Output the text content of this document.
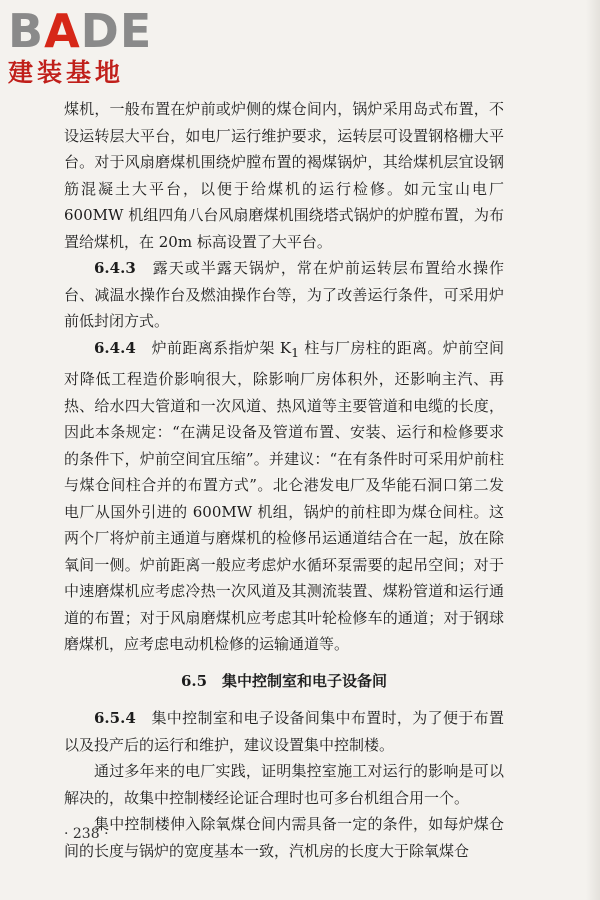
BADE
建装基地

煤机，一般布置在炉前或炉侧的煤仓间内，锅炉采用岛式布置，不设运转层大平台，如电厂运行维护要求，运转层可设置钢格栅大平台。对于风扇磨煤机围绕炉膛布置的褐煤锅炉，其给煤机层宜设钢筋混凝土大平台，以便于给煤机的运行检修。如元宝山电厂600MW 机组四角八台风扇磨煤机围绕塔式锅炉的炉膛布置，为布置给煤机，在 20m 标高设置了大平台。

6.4.3　 露天或半露天锅炉，常在炉前运转层布置给水操作台、减温水操作台及燃油操作台等，为了改善运行条件，可采用炉前低封闭方式。

6.4.4　 炉前距离系指炉架 $K_1$ 柱与厂房柱的距离。炉前空间对降低工程造价影响很大，除影响厂房体积外，还影响主汽、再热、给水四大管道和一次风道、热风道等主要管道和电缆的长度，因此本条规定：“在满足设备及管道布置、安装、运行和检修要求的条件下，炉前空间宜压缩”。并建议：“在有条件时可采用炉前柱与煤仓间柱合并的布置方式”。北仑港发电厂及华能石洞口第二发电厂从国外引进的 600MW 机组，锅炉的前柱即为煤仓间柱。这两个厂将炉前主通道与磨煤机的检修吊运通道结合在一起，放在除氧间一侧。炉前距离一般应考虑炉水循环泵需要的起吊空间；对于中速磨煤机应考虑冷热一次风道及其测流装置、煤粉管道和运行通道的布置；对于风扇磨煤机应考虑其叶轮检修车的通道；对于钢球磨煤机，应考虑电动机检修的运输通道等。

6.5　集中控制室和电子设备间

6.5.4　 集中控制室和电子设备间集中布置时，为了便于布置以及投产后的运行和维护，建议设置集中控制楼。

通过多年来的电厂实践，证明集控室施工对运行的影响是可以解决的，故集中控制楼经论证合理时也可多台机组合用一个。

集中控制楼伸入除氧煤仓间内需具备一定的条件，如每炉煤仓间的长度与锅炉的宽度基本一致，汽机房的长度大于除氧煤仓

· 238 ·
